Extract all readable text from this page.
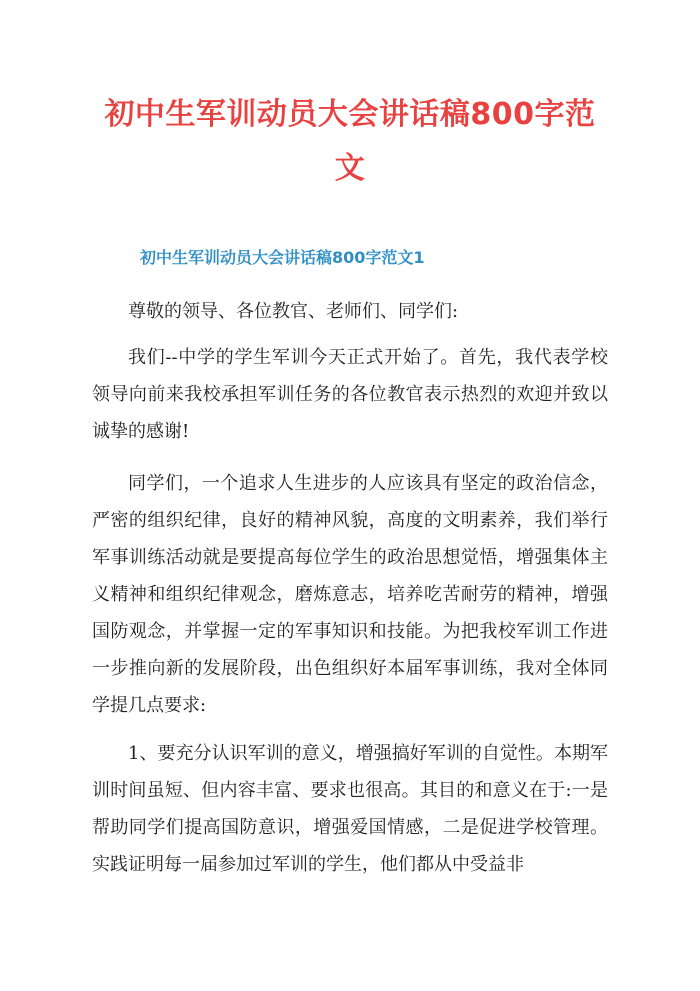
初中生军训动员大会讲话稿800字范文
初中生军训动员大会讲话稿800字范文1

尊敬的领导、各位教官、老师们、同学们:

我们--中学的学生军训今天正式开始了。首先，我代表学校领导向前来我校承担军训任务的各位教官表示热烈的欢迎并致以诚挚的感谢!

同学们，一个追求人生进步的人应该具有坚定的政治信念，严密的组织纪律，良好的精神风貌，高度的文明素养，我们举行军事训练活动就是要提高每位学生的政治思想觉悟，增强集体主义精神和组织纪律观念，磨炼意志，培养吃苦耐劳的精神，增强国防观念，并掌握一定的军事知识和技能。为把我校军训工作进一步推向新的发展阶段，出色组织好本届军事训练，我对全体同学提几点要求:

1、要充分认识军训的意义，增强搞好军训的自觉性。本期军训时间虽短、但内容丰富、要求也很高。其目的和意义在于:一是帮助同学们提高国防意识，增强爱国情感，二是促进学校管理。实践证明每一届参加过军训的学生，他们都从中受益非
